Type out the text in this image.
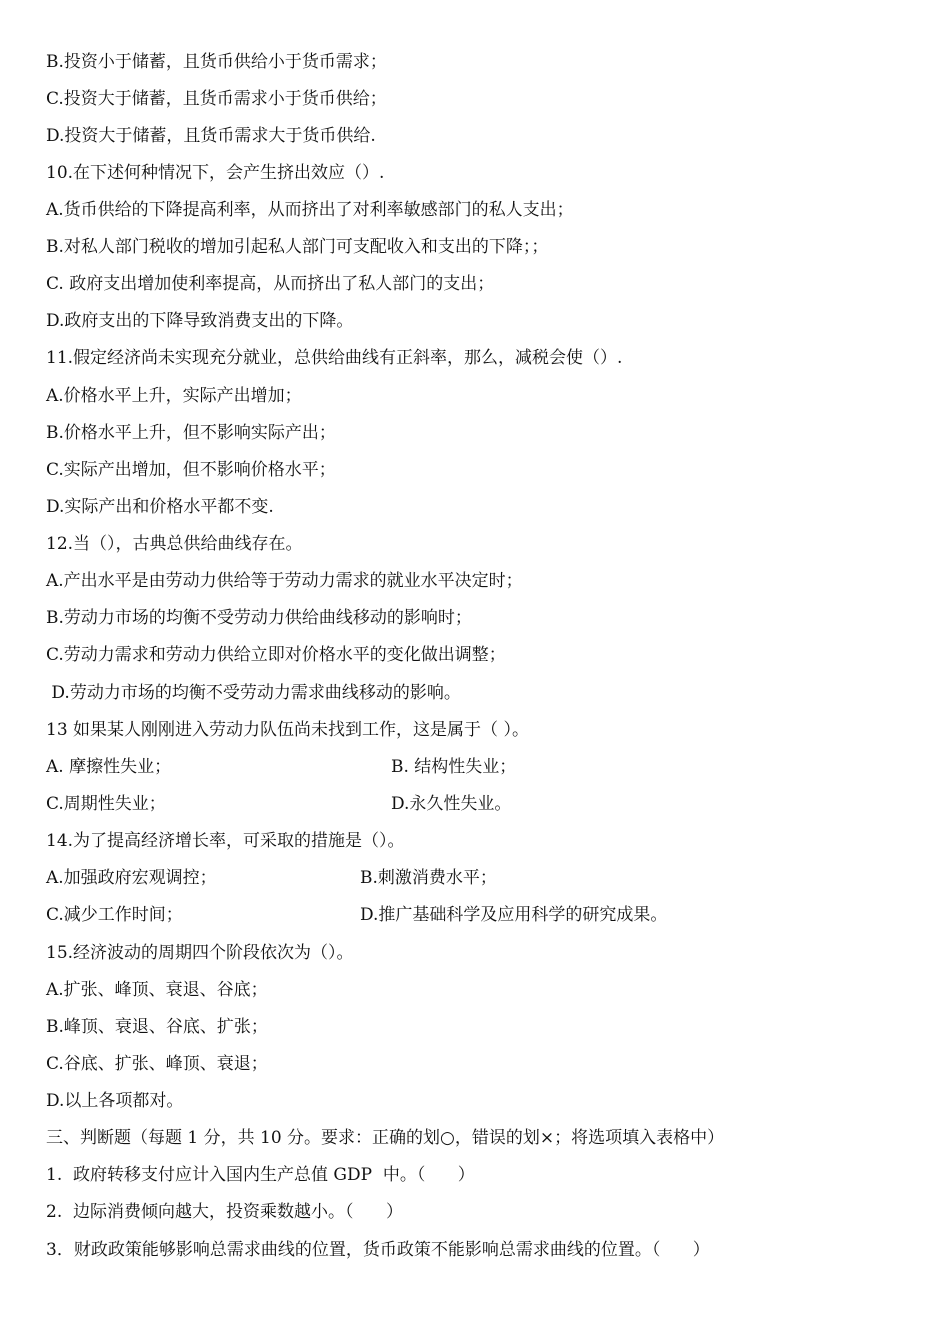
B.投资小于储蓄，且货币供给小于货币需求；
C.投资大于储蓄，且货币需求小于货币供给；
D.投资大于储蓄，且货币需求大于货币供给.
10.在下述何种情况下，会产生挤出效应（）.
A.货币供给的下降提高利率，从而挤出了对利率敏感部门的私人支出；
B.对私人部门税收的增加引起私人部门可支配收入和支出的下降；；
C. 政府支出增加使利率提高，从而挤出了私人部门的支出；
D.政府支出的下降导致消费支出的下降。
11.假定经济尚未实现充分就业，总供给曲线有正斜率，那么，减税会使（）.
A.价格水平上升，实际产出增加；
B.价格水平上升，但不影响实际产出；
C.实际产出增加，但不影响价格水平；
D.实际产出和价格水平都不变.
12.当（），古典总供给曲线存在。
A.产出水平是由劳动力供给等于劳动力需求的就业水平决定时；
B.劳动力市场的均衡不受劳动力供给曲线移动的影响时；
C.劳动力需求和劳动力供给立即对价格水平的变化做出调整；
D.劳动力市场的均衡不受劳动力需求曲线移动的影响。
13 如果某人刚刚进入劳动力队伍尚未找到工作，这是属于（ ）。
A. 摩擦性失业；	B. 结构性失业；
C.周期性失业；	D.永久性失业。
14.为了提高经济增长率，可采取的措施是（）。
A.加强政府宏观调控；	B.刺激消费水平；
C.减少工作时间；	D.推广基础科学及应用科学的研究成果。
15.经济波动的周期四个阶段依次为（）。
A.扩张、峰顶、衰退、谷底；
B.峰顶、衰退、谷底、扩张；
C.谷底、扩张、峰顶、衰退；
D.以上各项都对。
三、判断题（每题 1 分，共 10 分。要求：正确的划○，错误的划×；将选项填入表格中）
1.  政府转移支付应计入国内生产总值 GDP  中。（      ）
2.  边际消费倾向越大，投资乘数越小。（      ）
3．财政政策能够影响总需求曲线的位置，货币政策不能影响总需求曲线的位置。（      ）
